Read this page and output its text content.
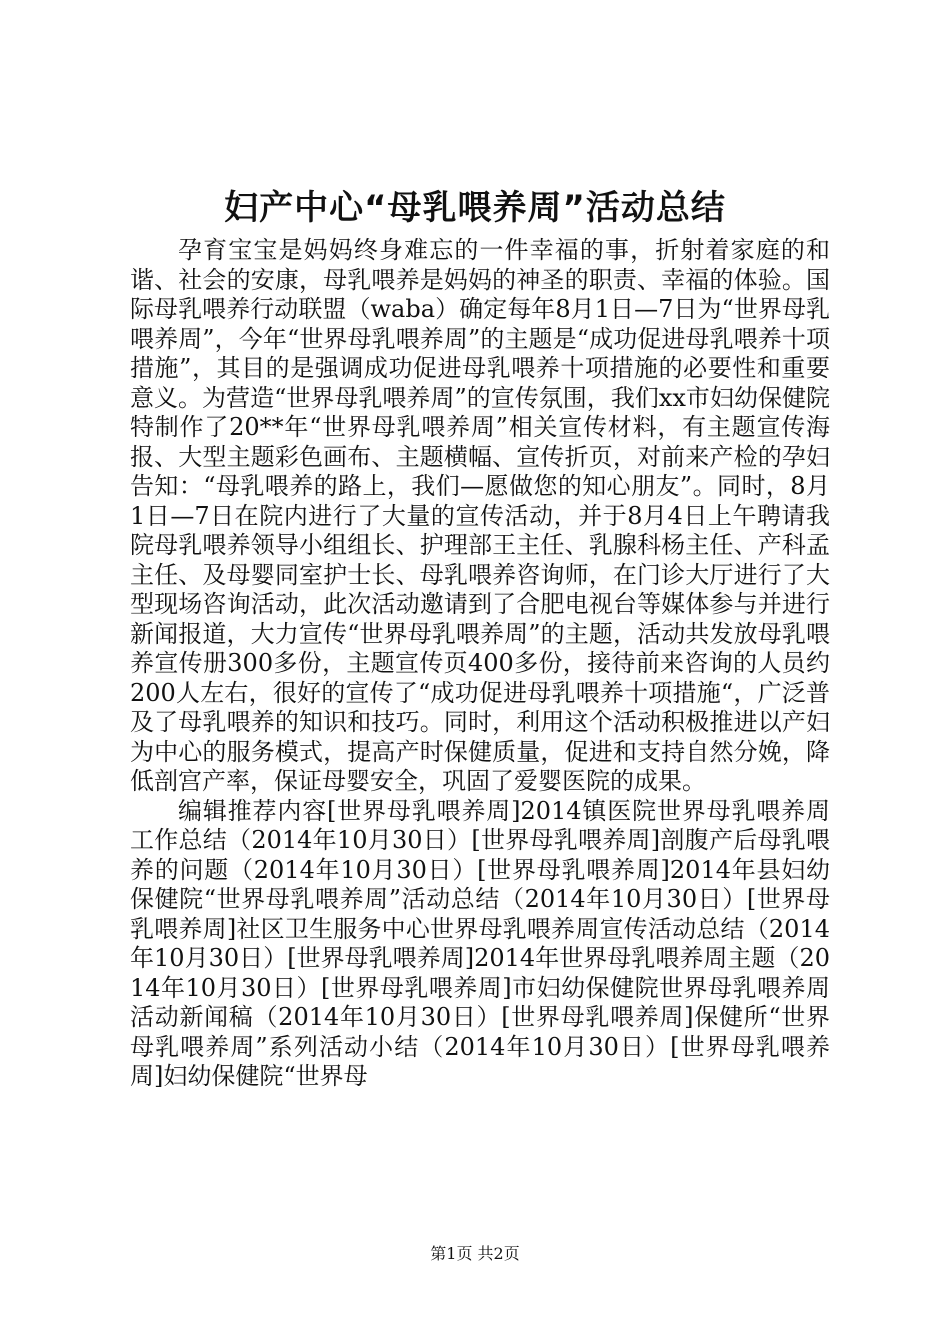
妇产中心“母乳喂养周”活动总结

孕育宝宝是妈妈终身难忘的一件幸福的事，折射着家庭的和谐、社会的安康，母乳喂养是妈妈的神圣的职责、幸福的体验。国际母乳喂养行动联盟（waba）确定每年8月1日—7日为“世界母乳喂养周”，今年“世界母乳喂养周”的主题是“成功促进母乳喂养十项措施”，其目的是强调成功促进母乳喂养十项措施的必要性和重要意义。为营造“世界母乳喂养周”的宣传氛围，我们xx市妇幼保健院特制作了20**年“世界母乳喂养周”相关宣传材料，有主题宣传海报、大型主题彩色画布、主题横幅、宣传折页，对前来产检的孕妇告知：“母乳喂养的路上，我们—愿做您的知心朋友”。同时，8月1日—7日在院内进行了大量的宣传活动，并于8月4日上午聘请我院母乳喂养领导小组组长、护理部王主任、乳腺科杨主任、产科孟主任、及母婴同室护士长、母乳喂养咨询师，在门诊大厅进行了大型现场咨询活动，此次活动邀请到了合肥电视台等媒体参与并进行新闻报道，大力宣传“世界母乳喂养周”的主题，活动共发放母乳喂养宣传册300多份，主题宣传页400多份，接待前来咨询的人员约200人左右，很好的宣传了“成功促进母乳喂养十项措施“，广泛普及了母乳喂养的知识和技巧。同时，利用这个活动积极推进以产妇为中心的服务模式，提高产时保健质量，促进和支持自然分娩，降低剖宫产率，保证母婴安全，巩固了爱婴医院的成果。

编辑推荐内容[世界母乳喂养周]2014镇医院世界母乳喂养周工作总结（2014年10月30日）[世界母乳喂养周]剖腹产后母乳喂养的问题（2014年10月30日）[世界母乳喂养周]2014年县妇幼保健院“世界母乳喂养周”活动总结（2014年10月30日）[世界母乳喂养周]社区卫生服务中心世界母乳喂养周宣传活动总结（2014年10月30日）[世界母乳喂养周]2014年世界母乳喂养周主题（2014年10月30日）[世界母乳喂养周]市妇幼保健院世界母乳喂养周活动新闻稿（2014年10月30日）[世界母乳喂养周]保健所“世界母乳喂养周”系列活动小结（2014年10月30日）[世界母乳喂养周]妇幼保健院“世界母

第1页 共2页
